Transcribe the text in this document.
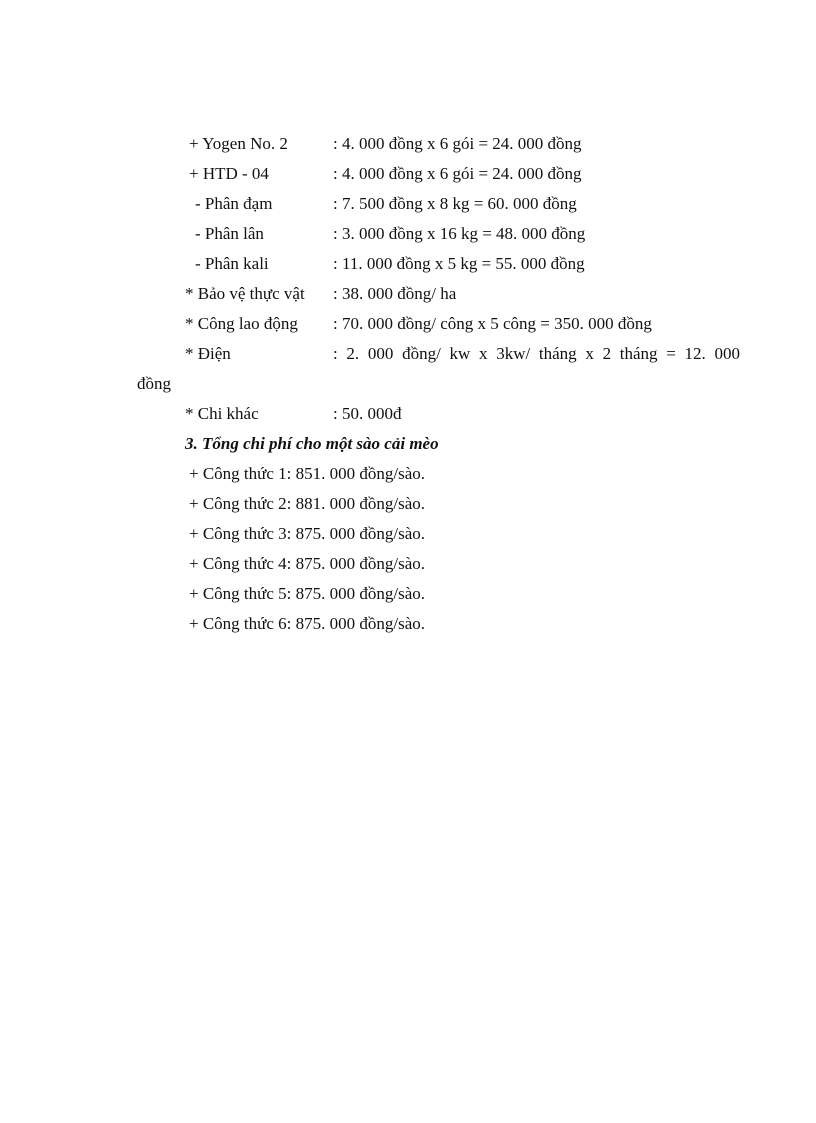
+ Yogen No. 2	: 4. 000 đồng x 6 gói = 24. 000 đồng
+ HTD - 04	: 4. 000 đồng x 6 gói = 24. 000 đồng
- Phân đạm	: 7. 500 đồng x 8 kg = 60. 000 đồng
- Phân lân	: 3. 000 đồng x 16 kg = 48. 000 đồng
- Phân kali	: 11. 000 đồng x 5 kg = 55. 000 đồng
* Bảo vệ thực vật : 38. 000 đồng/ ha
* Công lao động : 70. 000 đồng/ công x 5 công = 350. 000 đồng
* Điện	: 2. 000 đồng/ kw x 3kw/ tháng x 2 tháng = 12. 000
đồng
* Chi khác	: 50. 000đ
3. Tổng chi phí cho một sào cải mèo
+ Công thức 1: 851. 000 đồng/sào.
+ Công thức 2: 881. 000 đồng/sào.
+ Công thức 3: 875. 000 đồng/sào.
+ Công thức 4: 875. 000 đồng/sào.
+ Công thức 5: 875. 000 đồng/sào.
+ Công thức 6: 875. 000 đồng/sào.
